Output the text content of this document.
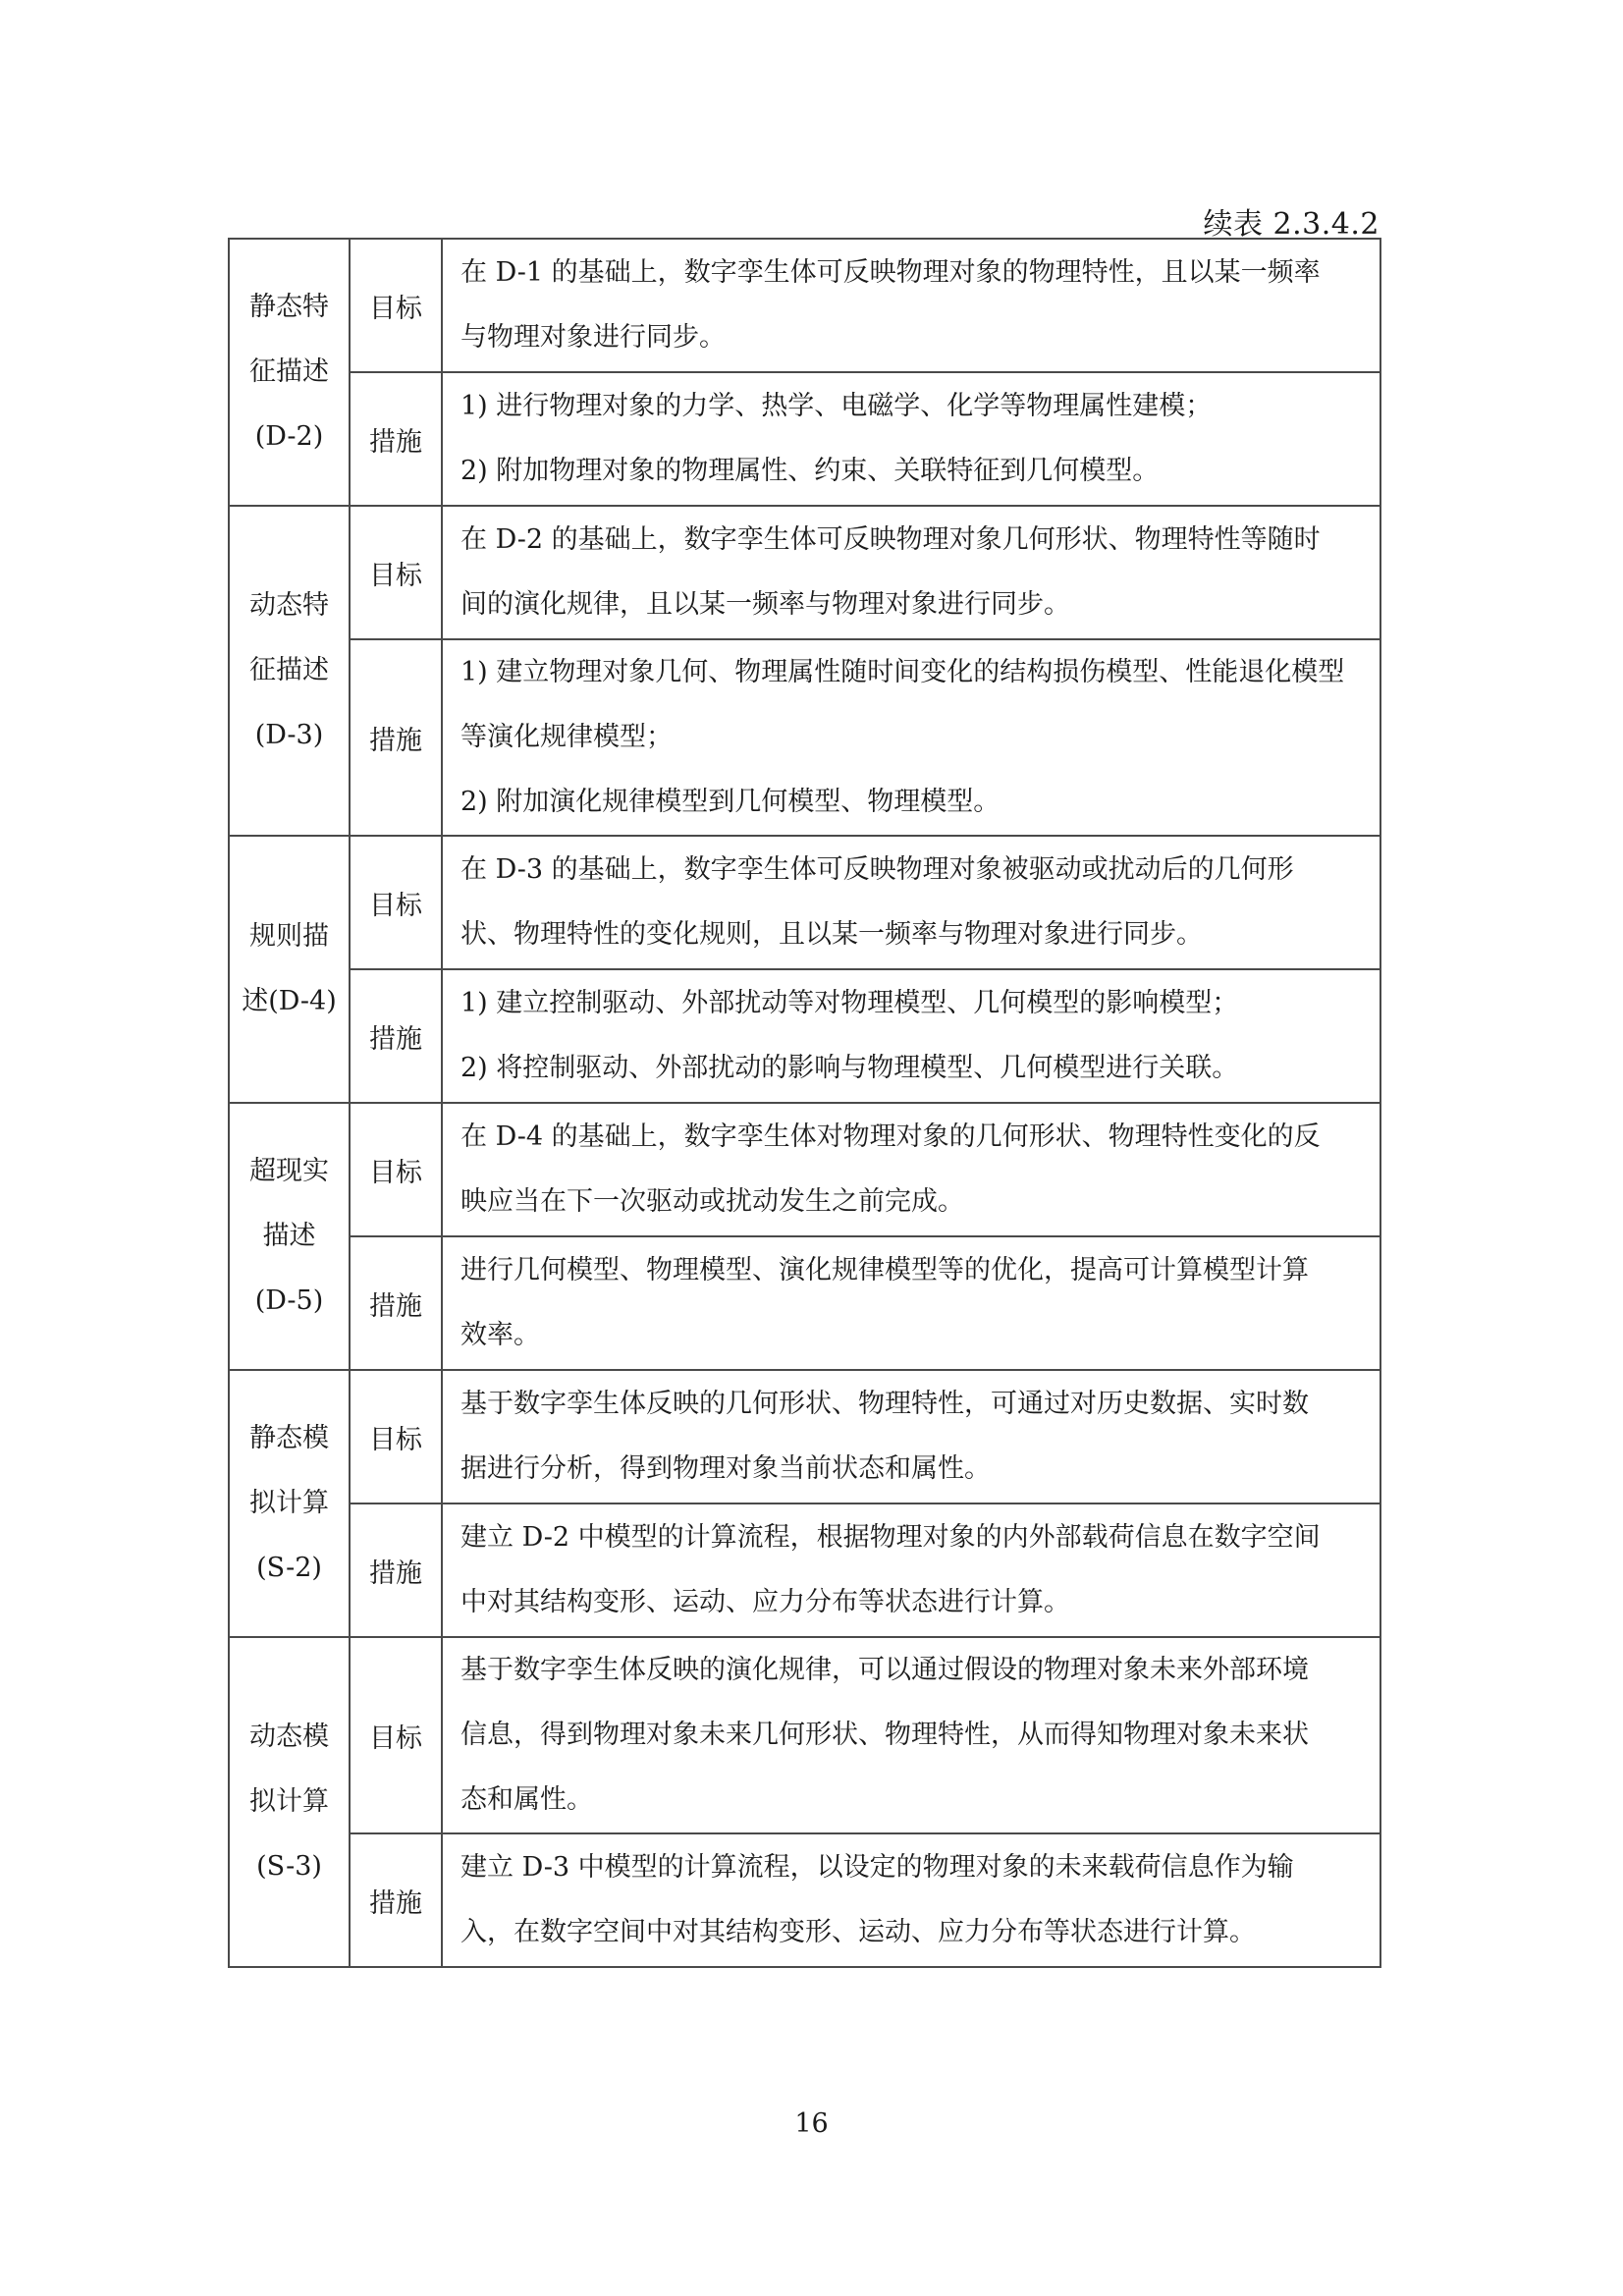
续表 2.3.4.2
静态特
征描述
(D-2)	目标	在 D-1 的基础上，数字孪生体可反映物理对象的物理特性，且以某一频率
与物理对象进行同步。

	措施	1) 进行物理对象的力学、热学、电磁学、化学等物理属性建模；
2) 附加物理对象的物理属性、约束、关联特征到几何模型。

动态特
征描述
(D-3)	目标	在 D-2 的基础上，数字孪生体可反映物理对象几何形状、物理特性等随时
间的演化规律，且以某一频率与物理对象进行同步。

	措施	1) 建立物理对象几何、物理属性随时间变化的结构损伤模型、性能退化模型
等演化规律模型；
2) 附加演化规律模型到几何模型、物理模型。

规则描
述(D-4)	目标	在 D-3 的基础上，数字孪生体可反映物理对象被驱动或扰动后的几何形
状、物理特性的变化规则，且以某一频率与物理对象进行同步。

	措施	1) 建立控制驱动、外部扰动等对物理模型、几何模型的影响模型；
2) 将控制驱动、外部扰动的影响与物理模型、几何模型进行关联。

超现实
描述
(D-5)	目标	在 D-4 的基础上，数字孪生体对物理对象的几何形状、物理特性变化的反
映应当在下一次驱动或扰动发生之前完成。

	措施	进行几何模型、物理模型、演化规律模型等的优化，提高可计算模型计算
效率。

静态模
拟计算
(S-2)	目标	基于数字孪生体反映的几何形状、物理特性，可通过对历史数据、实时数
据进行分析，得到物理对象当前状态和属性。

	措施	建立 D-2 中模型的计算流程，根据物理对象的内外部载荷信息在数字空间
中对其结构变形、运动、应力分布等状态进行计算。

动态模
拟计算
(S-3)	目标	基于数字孪生体反映的演化规律，可以通过假设的物理对象未来外部环境
信息，得到物理对象未来几何形状、物理特性，从而得知物理对象未来状
态和属性。

	措施	建立 D-3 中模型的计算流程，以设定的物理对象的未来载荷信息作为输
入，在数字空间中对其结构变形、运动、应力分布等状态进行计算。
16
